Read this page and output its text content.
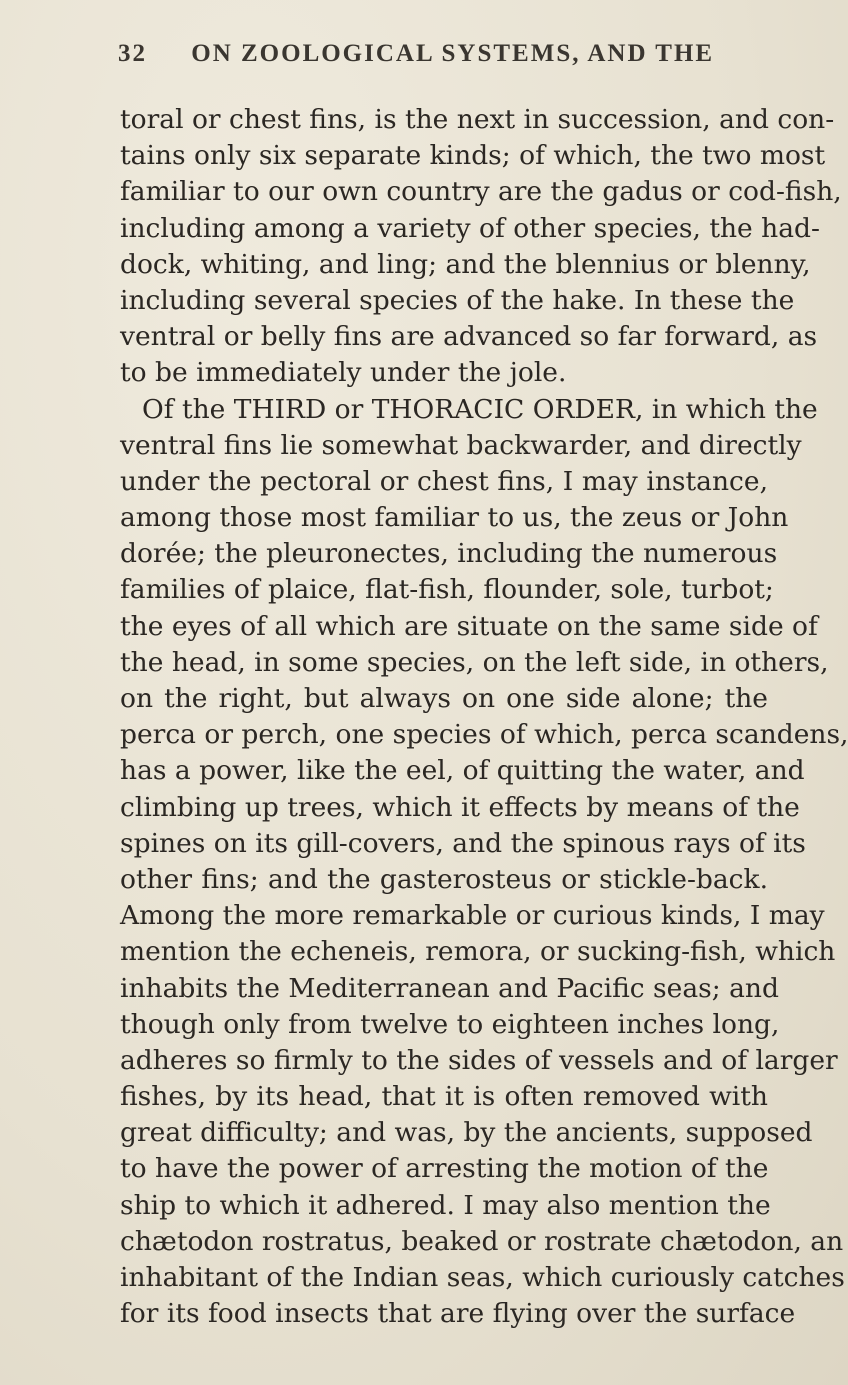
32 ON ZOOLOGICAL SYSTEMS, AND THE
toral or chest fins, is the next in succession, and con-
tains only six separate kinds; of which, the two most
familiar to our own country are the gadus or cod-fish,
including among a variety of other species, the had-
dock, whiting, and ling; and the blennius or blenny,
including several species of the hake. In these the
ventral or belly fins are advanced so far forward, as
to be immediately under the jole.
Of the THIRD or THORACIC ORDER, in which the
ventral fins lie somewhat backwarder, and directly
under the pectoral or chest fins, I may instance,
among those most familiar to us, the zeus or John
dorée; the pleuronectes, including the numerous
families of plaice, flat-fish, flounder, sole, turbot;
the eyes of all which are situate on the same side of
the head, in some species, on the left side, in others,
on the right, but always on one side alone; the
perca or perch, one species of which, perca scandens,
has a power, like the eel, of quitting the water, and
climbing up trees, which it effects by means of the
spines on its gill-covers, and the spinous rays of its
other fins; and the gasterosteus or stickle-back.
Among the more remarkable or curious kinds, I may
mention the echeneis, remora, or sucking-fish, which
inhabits the Mediterranean and Pacific seas; and
though only from twelve to eighteen inches long,
adheres so firmly to the sides of vessels and of larger
fishes, by its head, that it is often removed with
great difficulty; and was, by the ancients, supposed
to have the power of arresting the motion of the
ship to which it adhered. I may also mention the
chætodon rostratus, beaked or rostrate chætodon, an
inhabitant of the Indian seas, which curiously catches
for its food insects that are flying over the surface
